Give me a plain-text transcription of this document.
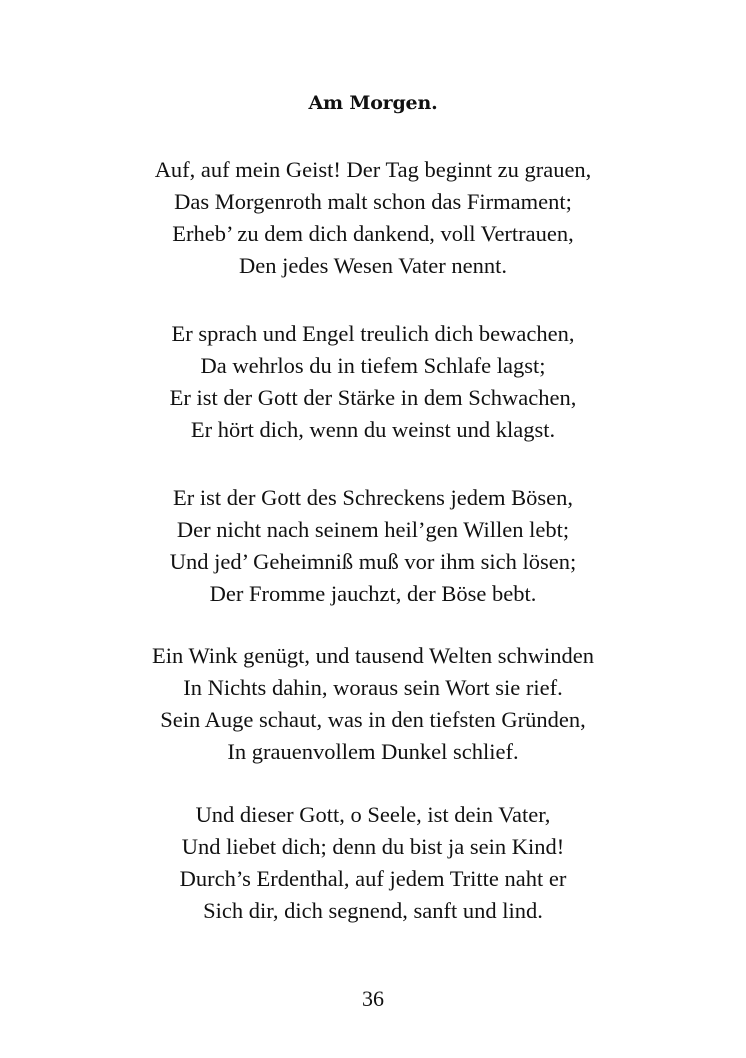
Am Morgen.
Auf, auf mein Geist! Der Tag beginnt zu grauen,
Das Morgenroth malt schon das Firmament;
Erheb’ zu dem dich dankend, voll Vertrauen,
Den jedes Wesen Vater nennt.
Er sprach und Engel treulich dich bewachen,
Da wehrlos du in tiefem Schlafe lagst;
Er ist der Gott der Stärke in dem Schwachen,
Er hört dich, wenn du weinst und klagst.
Er ist der Gott des Schreckens jedem Bösen,
Der nicht nach seinem heil’gen Willen lebt;
Und jed’ Geheimniß muß vor ihm sich lösen;
Der Fromme jauchzt, der Böse bebt.
Ein Wink genügt, und tausend Welten schwinden
In Nichts dahin, woraus sein Wort sie rief.
Sein Auge schaut, was in den tiefsten Gründen,
In grauenvollem Dunkel schlief.
Und dieser Gott, o Seele, ist dein Vater,
Und liebet dich; denn du bist ja sein Kind!
Durch’s Erdenthal, auf jedem Tritte naht er
Sich dir, dich segnend, sanft und lind.
36
